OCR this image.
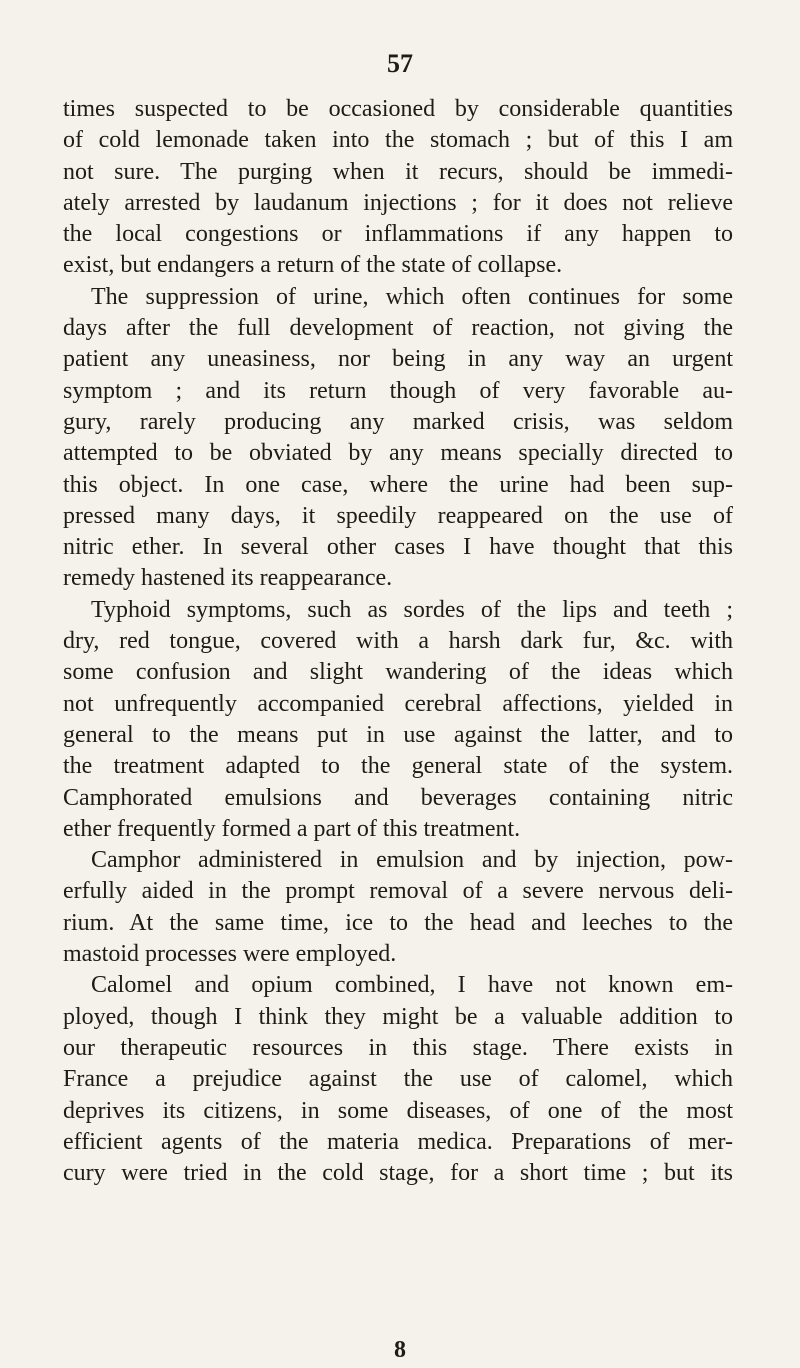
57
times suspected to be occasioned by considerable quantities
of cold lemonade taken into the stomach ; but of this I am
not sure. The purging when it recurs, should be immedi-
ately arrested by laudanum injections ; for it does not relieve
the local congestions or inflammations if any happen to
exist, but endangers a return of the state of collapse.
The suppression of urine, which often continues for some
days after the full development of reaction, not giving the
patient any uneasiness, nor being in any way an urgent
symptom ; and its return though of very favorable au-
gury, rarely producing any marked crisis, was seldom
attempted to be obviated by any means specially directed to
this object. In one case, where the urine had been sup-
pressed many days, it speedily reappeared on the use of
nitric ether. In several other cases I have thought that this
remedy hastened its reappearance.
Typhoid symptoms, such as sordes of the lips and teeth ;
dry, red tongue, covered with a harsh dark fur, &c. with
some confusion and slight wandering of the ideas which
not unfrequently accompanied cerebral affections, yielded in
general to the means put in use against the latter, and to
the treatment adapted to the general state of the system.
Camphorated emulsions and beverages containing nitric
ether frequently formed a part of this treatment.
Camphor administered in emulsion and by injection, pow-
erfully aided in the prompt removal of a severe nervous deli-
rium. At the same time, ice to the head and leeches to the
mastoid processes were employed.
Calomel and opium combined, I have not known em-
ployed, though I think they might be a valuable addition to
our therapeutic resources in this stage. There exists in
France a prejudice against the use of calomel, which
deprives its citizens, in some diseases, of one of the most
efficient agents of the materia medica. Preparations of mer-
cury were tried in the cold stage, for a short time ; but its
8
